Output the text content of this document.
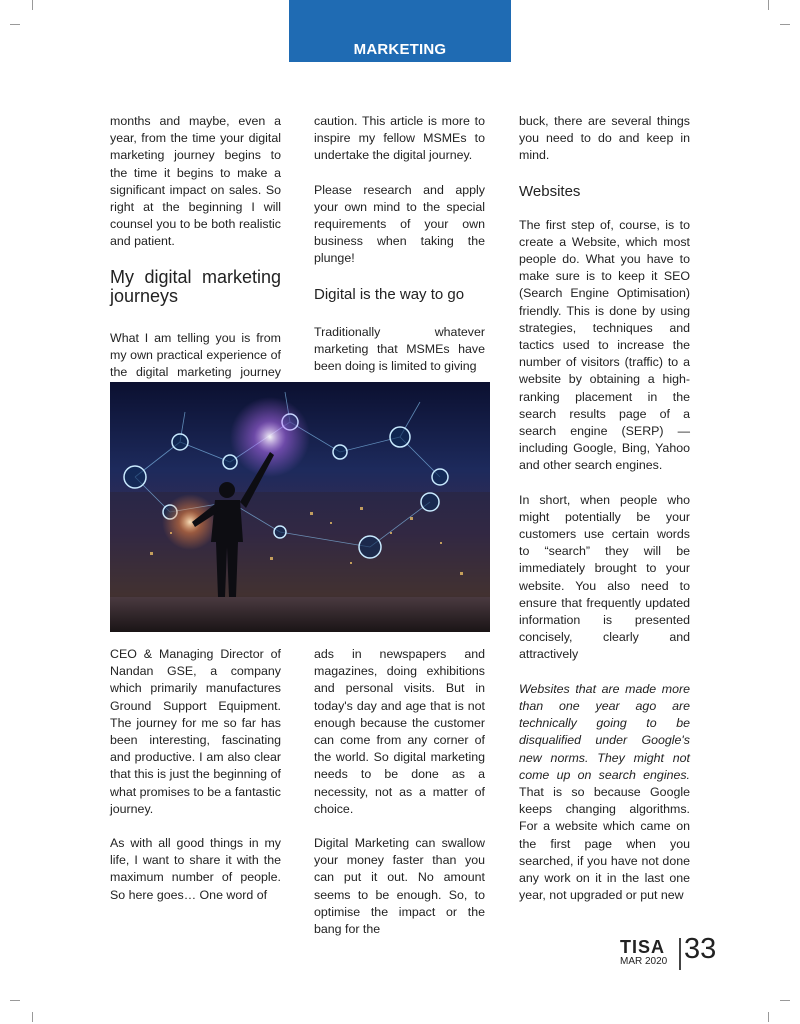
MARKETING

months and maybe, even a year, from the time your digital marketing journey begins to the time it begins to make a significant impact on sales. So right at the beginning I will counsel you to be both realistic and patient.

My digital marketing journeys

What I am telling you is from my own practical experience of the digital marketing journey

caution. This article is more to inspire my fellow MSMEs to undertake the digital journey.

Please research and apply your own mind to the special requirements of your own business when taking the plunge!

Digital is the way to go

Traditionally whatever marketing that MSMEs have been doing is limited to giving

buck, there are several things you need to do and keep in mind.

Websites

The first step of, course, is to create a Website, which most people do. What you have to make sure is to keep it SEO (Search Engine Optimisation) friendly. This is done by using strategies, techniques and tactics used to increase the number of visitors (traffic) to a website by obtaining a high-ranking placement in the search results page of a search engine (SERP) — including Google, Bing, Yahoo and other search engines.

In short, when people who might potentially be your customers use certain words to “search” they will be immediately brought to your website. You also need to ensure that frequently updated information is presented concisely, clearly and attractively

Websites that are made more than one year ago are technically going to be disqualified under Google's new norms. They might not come up on search engines. That is so because Google keeps changing algorithms. For a website which came on the first page when you searched, if you have not done any work on it in the last one year, not upgraded or put new

CEO & Managing Director of Nandan GSE, a company which primarily manufactures Ground Support Equipment. The journey for me so far has been interesting, fascinating and productive. I am also clear that this is just the beginning of what promises to be a fantastic journey.

As with all good things in my life, I want to share it with the maximum number of people. So here goes… One word of

ads in newspapers and magazines, doing exhibitions and personal visits. But in today's day and age that is not enough because the customer can come from any corner of the world. So digital marketing needs to be done as a necessity, not as a matter of choice.

Digital Marketing can swallow your money faster than you can put it out. No amount seems to be enough. So, to optimise the impact or the bang for the

TISA
MAR 2020 33
